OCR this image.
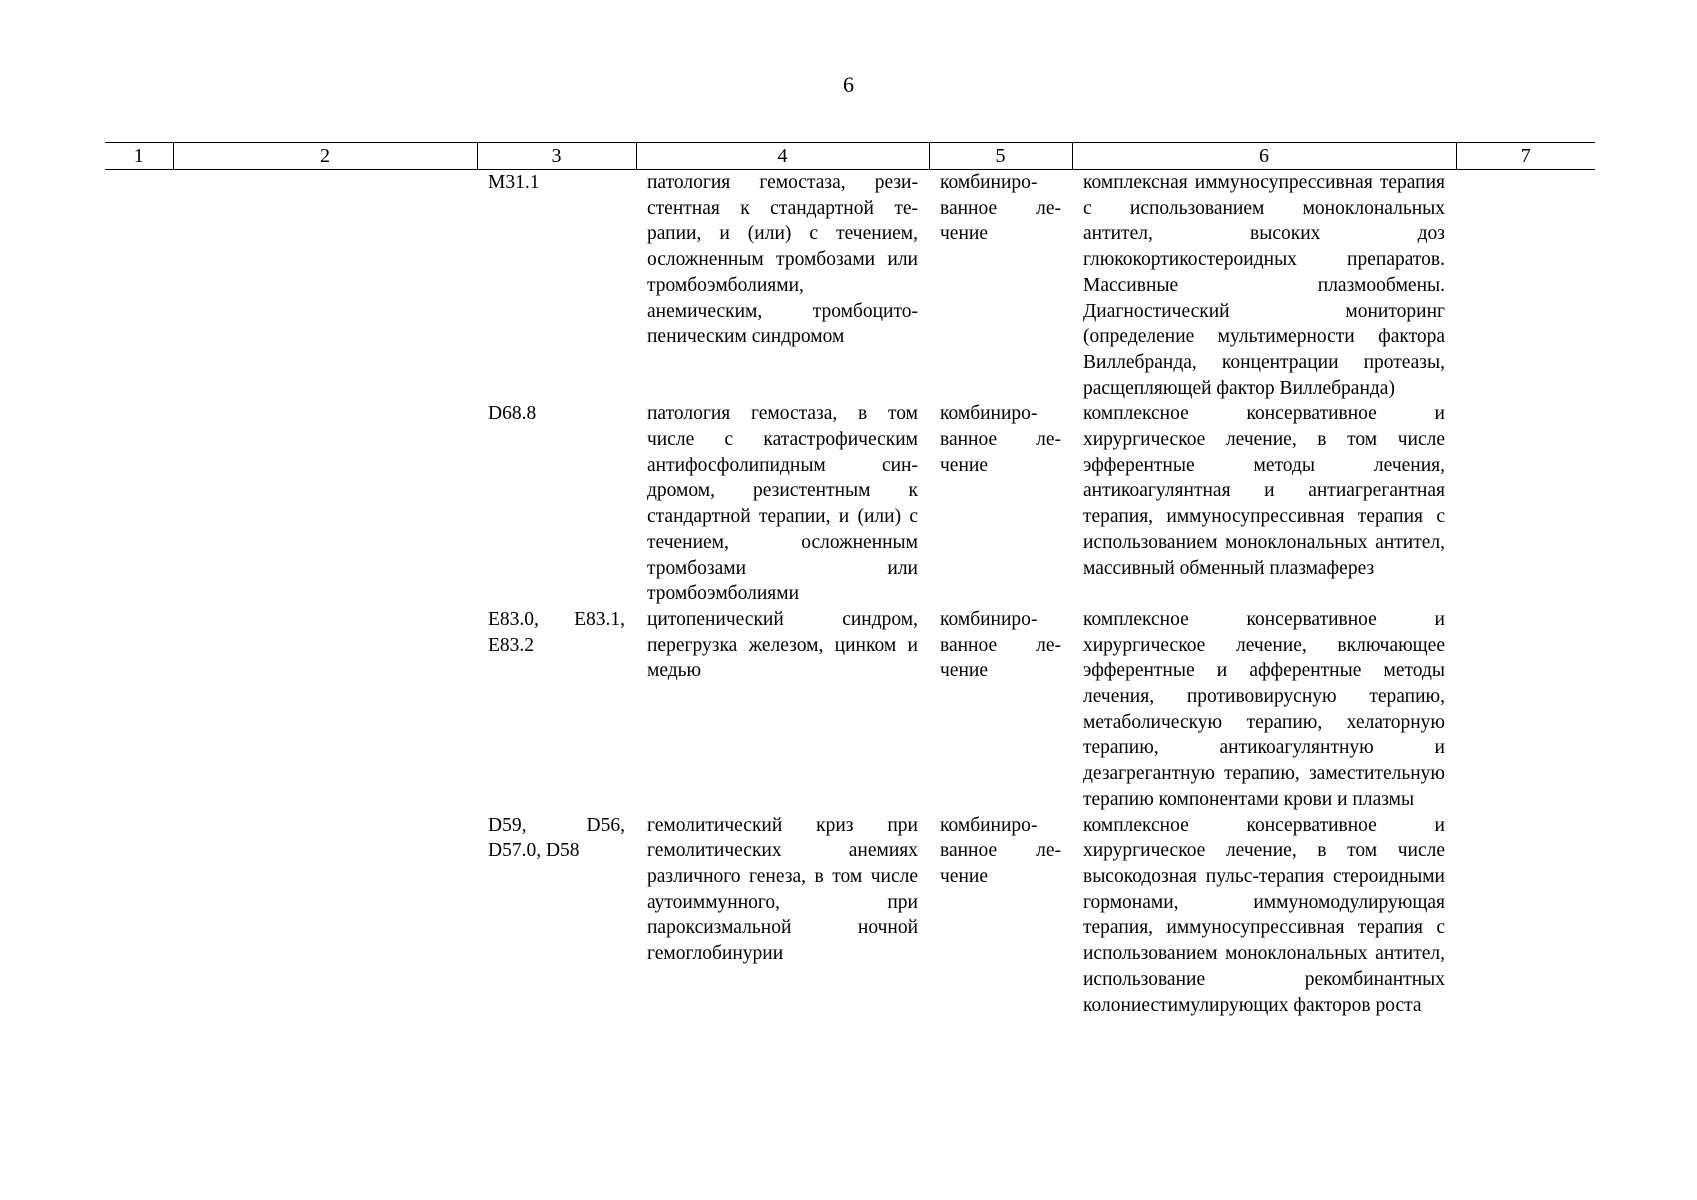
6
1	2	3	4	5	6	7
		M31.1	патология гемостаза, резистентная к стандартной терапии, и (или) с течением, осложненным тромбозами или тромбоэмболиями, анемическим, тромбоцитопеническим синдромом	комбинированное лечение	комплексная иммуносупрессивная терапия с использованием моноклональных антител, высоких доз глюкокортикостероидных препаратов. Массивные плазмообмены. Диагностический мониторинг (определение мультимерности фактора Виллебранда, концентрации протеазы, расщепляющей фактор Виллебранда)	
		D68.8	патология гемостаза, в том числе с катастрофическим антифосфолипидным синдромом, резистентным к стандартной терапии, и (или) с течением, осложненным тромбозами или тромбоэмболиями	комбинированное лечение	комплексное консервативное и хирургическое лечение, в том числе эфферентные методы лечения, антикоагулянтная и антиагрегантная терапия, иммуносупрессивная терапия с использованием моноклональных антител, массивный обменный плазмаферез	
		E83.0, E83.1, E83.2	цитопенический синдром, перегрузка железом, цинком и медью	комбинированное лечение	комплексное консервативное и хирургическое лечение, включающее эфферентные и афферентные методы лечения, противовирусную терапию, метаболическую терапию, хелаторную терапию, антикоагулянтную и дезагрегантную терапию, заместительную терапию компонентами крови и плазмы	
		D59, D56, D57.0, D58	гемолитический криз при гемолитических анемиях различного генеза, в том числе аутоиммунного, при пароксизмальной ночной гемоглобинурии	комбинированное лечение	комплексное консервативное и хирургическое лечение, в том числе высокодозная пульс-терапия стероидными гормонами, иммуномодулирующая терапия, иммуносупрессивная терапия с использованием моноклональных антител, использование рекомбинантных колониестимулирующих факторов роста	
